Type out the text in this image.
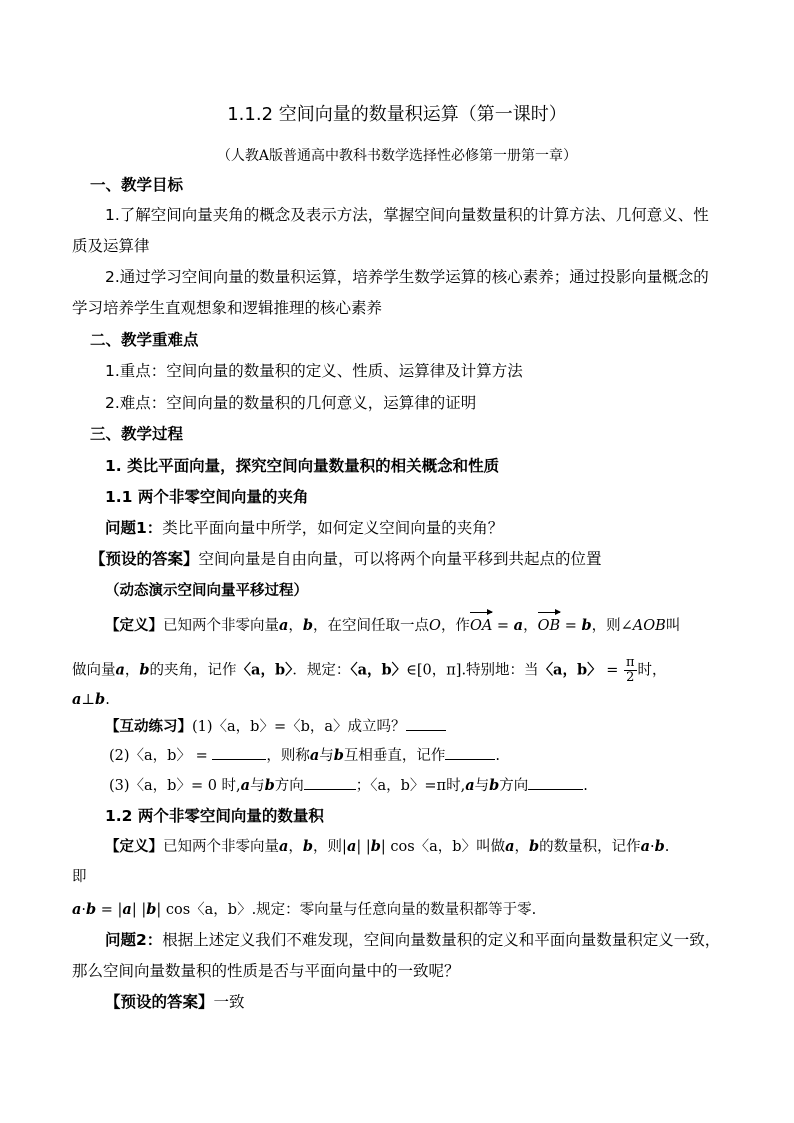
1.1.2 空间向量的数量积运算（第一课时）
（人教A版普通高中教科书数学选择性必修第一册第一章）
一、教学目标
1.了解空间向量夹角的概念及表示方法，掌握空间向量数量积的计算方法、几何意义、性
质及运算律
2.通过学习空间向量的数量积运算，培养学生数学运算的核心素养；通过投影向量概念的
学习培养学生直观想象和逻辑推理的核心素养
二、教学重难点
1.重点：空间向量的数量积的定义、性质、运算律及计算方法
2.难点：空间向量的数量积的几何意义，运算律的证明
三、教学过程
1. 类比平面向量，探究空间向量数量积的相关概念和性质
1.1 两个非零空间向量的夹角
问题1：类比平面向量中所学，如何定义空间向量的夹角？
【预设的答案】空间向量是自由向量，可以将两个向量平移到共起点的位置
（动态演示空间向量平移过程）
【定义】已知两个非零向量a，b，在空间任取一点O，作OA = a，OB = b，则∠AOB叫
做向量a，b的夹角，记作〈a，b〉．规定：〈a，b〉∈[0，π].特别地：当〈a，b〉 = $\frac{\pi}{2}$ 时，
a⊥b.
【互动练习】(1)〈a，b〉=〈b，a〉成立吗？
(2)〈a，b〉 =	，则称a与b互相垂直，记作	.
(3)〈a，b〉= 0 时,a与b方向	；〈a，b〉=π时,a与b方向	.
1.2 两个非零空间向量的数量积
【定义】已知两个非零向量a，b，则|a| |b| cos〈a，b〉叫做a，b的数量积，记作a·b.
即
a·b = |a| |b| cos〈a，b〉.规定：零向量与任意向量的数量积都等于零.
问题2：根据上述定义我们不难发现，空间向量数量积的定义和平面向量数量积定义一致，
那么空间向量数量积的性质是否与平面向量中的一致呢？
【预设的答案】一致
